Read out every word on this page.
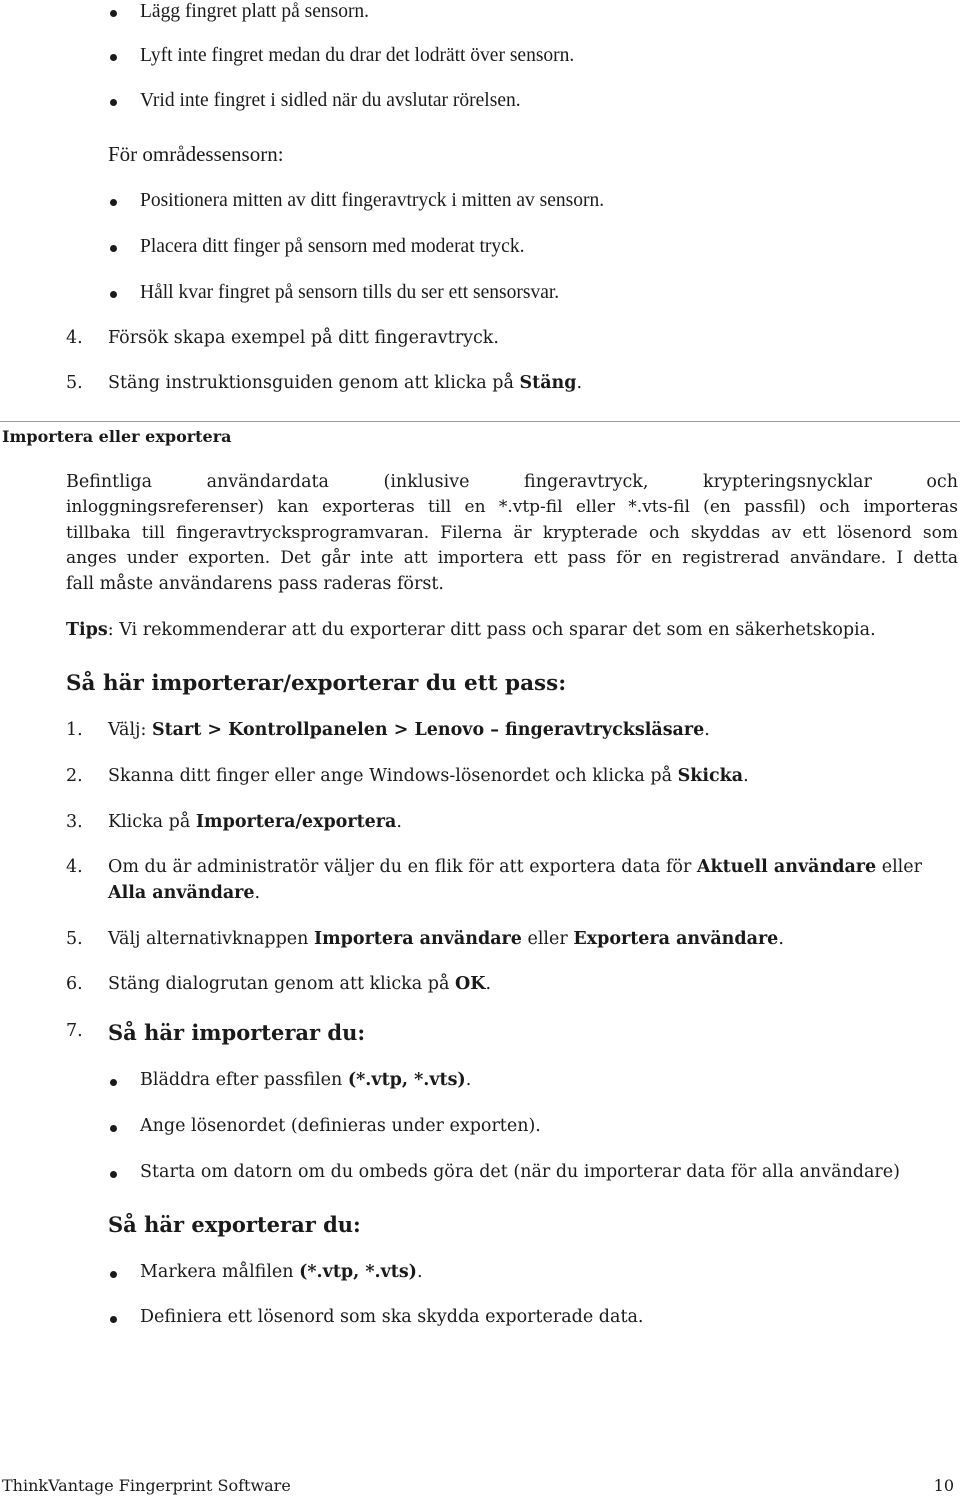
Lägg fingret platt på sensorn.
Lyft inte fingret medan du drar det lodrätt över sensorn.
Vrid inte fingret i sidled när du avslutar rörelsen.
För områdessensorn:
Positionera mitten av ditt fingeravtryck i mitten av sensorn.
Placera ditt finger på sensorn med moderat tryck.
Håll kvar fingret på sensorn tills du ser ett sensorsvar.
4. Försök skapa exempel på ditt fingeravtryck.
5. Stäng instruktionsguiden genom att klicka på Stäng.
Importera eller exportera
Befintliga användardata (inklusive fingeravtryck, krypteringsnycklar och
inloggningsreferenser) kan exporteras till en *.vtp-fil eller *.vts-fil (en passfil) och importeras
tillbaka till fingeravtrycksprogramvaran. Filerna är krypterade och skyddas av ett lösenord som
anges under exporten. Det går inte att importera ett pass för en registrerad användare. I detta
fall måste användarens pass raderas först.
Tips: Vi rekommenderar att du exporterar ditt pass och sparar det som en säkerhetskopia.
Så här importerar/exporterar du ett pass:
1. Välj: Start > Kontrollpanelen > Lenovo – fingeravtrycksläsare.
2. Skanna ditt finger eller ange Windows-lösenordet och klicka på Skicka.
3. Klicka på Importera/exportera.
4. Om du är administratör väljer du en flik för att exportera data för Aktuell användare eller
Alla användare.
5. Välj alternativknappen Importera användare eller Exportera användare.
6. Stäng dialogrutan genom att klicka på OK.
7. Så här importerar du:
Bläddra efter passfilen (*.vtp, *.vts).
Ange lösenordet (definieras under exporten).
Starta om datorn om du ombeds göra det (när du importerar data för alla användare)
Så här exporterar du:
Markera målfilen (*.vtp, *.vts).
Definiera ett lösenord som ska skydda exporterade data.
ThinkVantage Fingerprint Software	10
